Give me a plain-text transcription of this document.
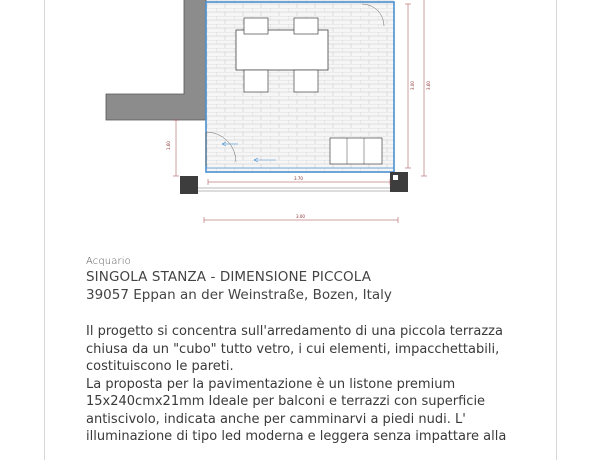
1.60
3.00	3.60
3.70
3.00
Acquario
SINGOLA STANZA - DIMENSIONE PICCOLA
39057 Eppan an der Weinstraße, Bozen, Italy

Il progetto si concentra sull'arredamento di una piccola terrazza chiusa da un "cubo" tutto vetro, i cui elementi, impacchettabili, costituiscono le pareti.

La proposta per la pavimentazione è un listone premium 15x240cmx21mm Ideale per balconi e terrazzi con superficie antiscivolo, indicata anche per camminarvi a piedi nudi. L' illuminazione di tipo led moderna e leggera senza impattare alla
